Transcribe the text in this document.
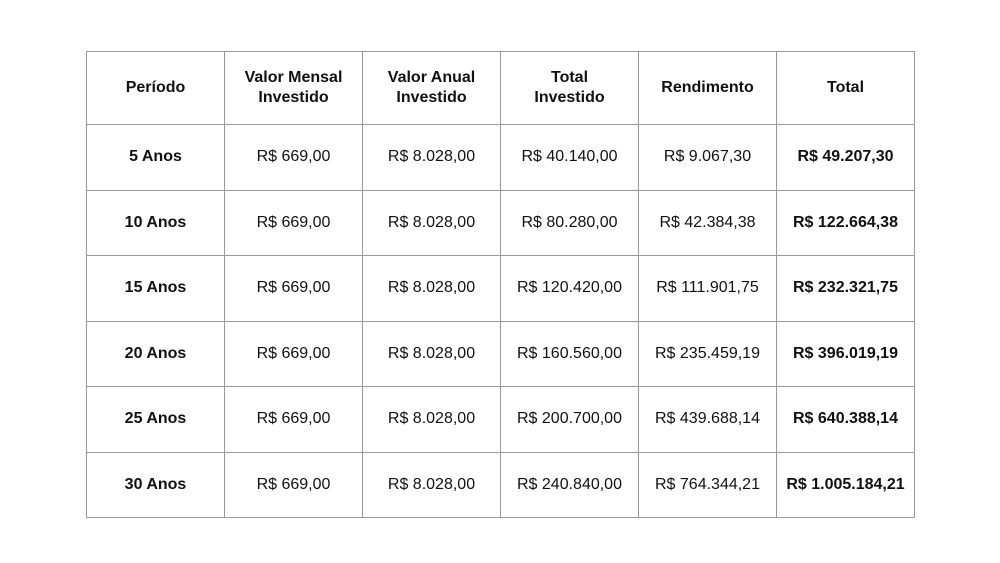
Período	Valor Mensal Investido	Valor Anual Investido	Total Investido	Rendimento	Total
5 Anos	R$ 669,00	R$ 8.028,00	R$ 40.140,00	R$ 9.067,30	R$ 49.207,30
10 Anos	R$ 669,00	R$ 8.028,00	R$ 80.280,00	R$ 42.384,38	R$ 122.664,38
15 Anos	R$ 669,00	R$ 8.028,00	R$ 120.420,00	R$ 111.901,75	R$ 232.321,75
20 Anos	R$ 669,00	R$ 8.028,00	R$ 160.560,00	R$ 235.459,19	R$ 396.019,19
25 Anos	R$ 669,00	R$ 8.028,00	R$ 200.700,00	R$ 439.688,14	R$ 640.388,14
30 Anos	R$ 669,00	R$ 8.028,00	R$ 240.840,00	R$ 764.344,21	R$ 1.005.184,21
